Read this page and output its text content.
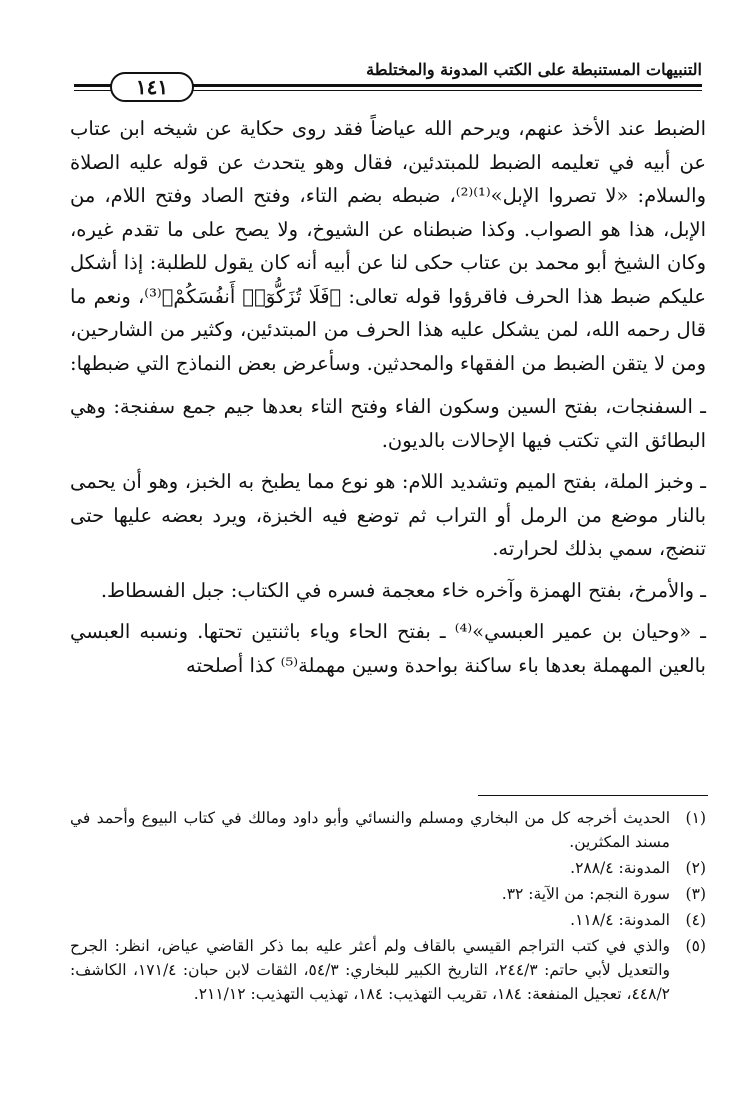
التنبيهات المستنبطة على الكتب المدونة والمختلطة
١٤١

الضبط عند الأخذ عنهم، ويرحم الله عياضاً فقد روى حكاية عن شيخه ابن عتاب عن أبيه في تعليمه الضبط للمبتدئين، فقال وهو يتحدث عن قوله عليه الصلاة والسلام: «لا تصروا الإبل»⁽¹⁾⁽²⁾، ضبطه بضم التاء، وفتح الصاد وفتح اللام، من الإبل، هذا هو الصواب. وكذا ضبطناه عن الشيوخ، ولا يصح على ما تقدم غيره، وكان الشيخ أبو محمد بن عتاب حكى لنا عن أبيه أنه كان يقول للطلبة: إذا أشكل عليكم ضبط هذا الحرف فاقرؤوا قوله تعالى: ﴿فَلَا تُزَكُّوٓا۟ أَنفُسَكُمْ﴾⁽³⁾، ونعم ما قال رحمه الله، لمن يشكل عليه هذا الحرف من المبتدئين، وكثير من الشارحين، ومن لا يتقن الضبط من الفقهاء والمحدثين. وسأعرض بعض النماذج التي ضبطها:

ـ السفنجات، بفتح السين وسكون الفاء وفتح التاء بعدها جيم جمع سفنجة: وهي البطائق التي تكتب فيها الإحالات بالديون.

ـ وخبز الملة، بفتح الميم وتشديد اللام: هو نوع مما يطبخ به الخبز، وهو أن يحمى بالنار موضع من الرمل أو التراب ثم توضع فيه الخبزة، ويرد بعضه عليها حتى تنضج، سمي بذلك لحرارته.

ـ والأمرخ، بفتح الهمزة وآخره خاء معجمة فسره في الكتاب: جبل الفسطاط.

ـ «وحيان بن عمير العبسي»⁽⁴⁾ ـ بفتح الحاء وياء باثنتين تحتها. ونسبه العبسي بالعين المهملة بعدها باء ساكنة بواحدة وسين مهملة⁽⁵⁾ كذا أصلحته

(١)
الحديث أخرجه كل من البخاري ومسلم والنسائي وأبو داود ومالك في كتاب البيوع وأحمد في مسند المكثرين.
(٢)
المدونة: ٢٨٨/٤.
(٣)
سورة النجم: من الآية: ٣٢.
(٤)
المدونة: ١١٨/٤.
(٥)
والذي في كتب التراجم القيسي بالقاف ولم أعثر عليه بما ذكر القاضي عياض، انظر: الجرح والتعديل لأبي حاتم: ٢٤٤/٣، التاريخ الكبير للبخاري: ٥٤/٣، الثقات لابن حبان: ١٧١/٤، الكاشف: ٤٤٨/٢، تعجيل المنفعة: ١٨٤، تقريب التهذيب: ١٨٤، تهذيب التهذيب: ٢١١/١٢.
